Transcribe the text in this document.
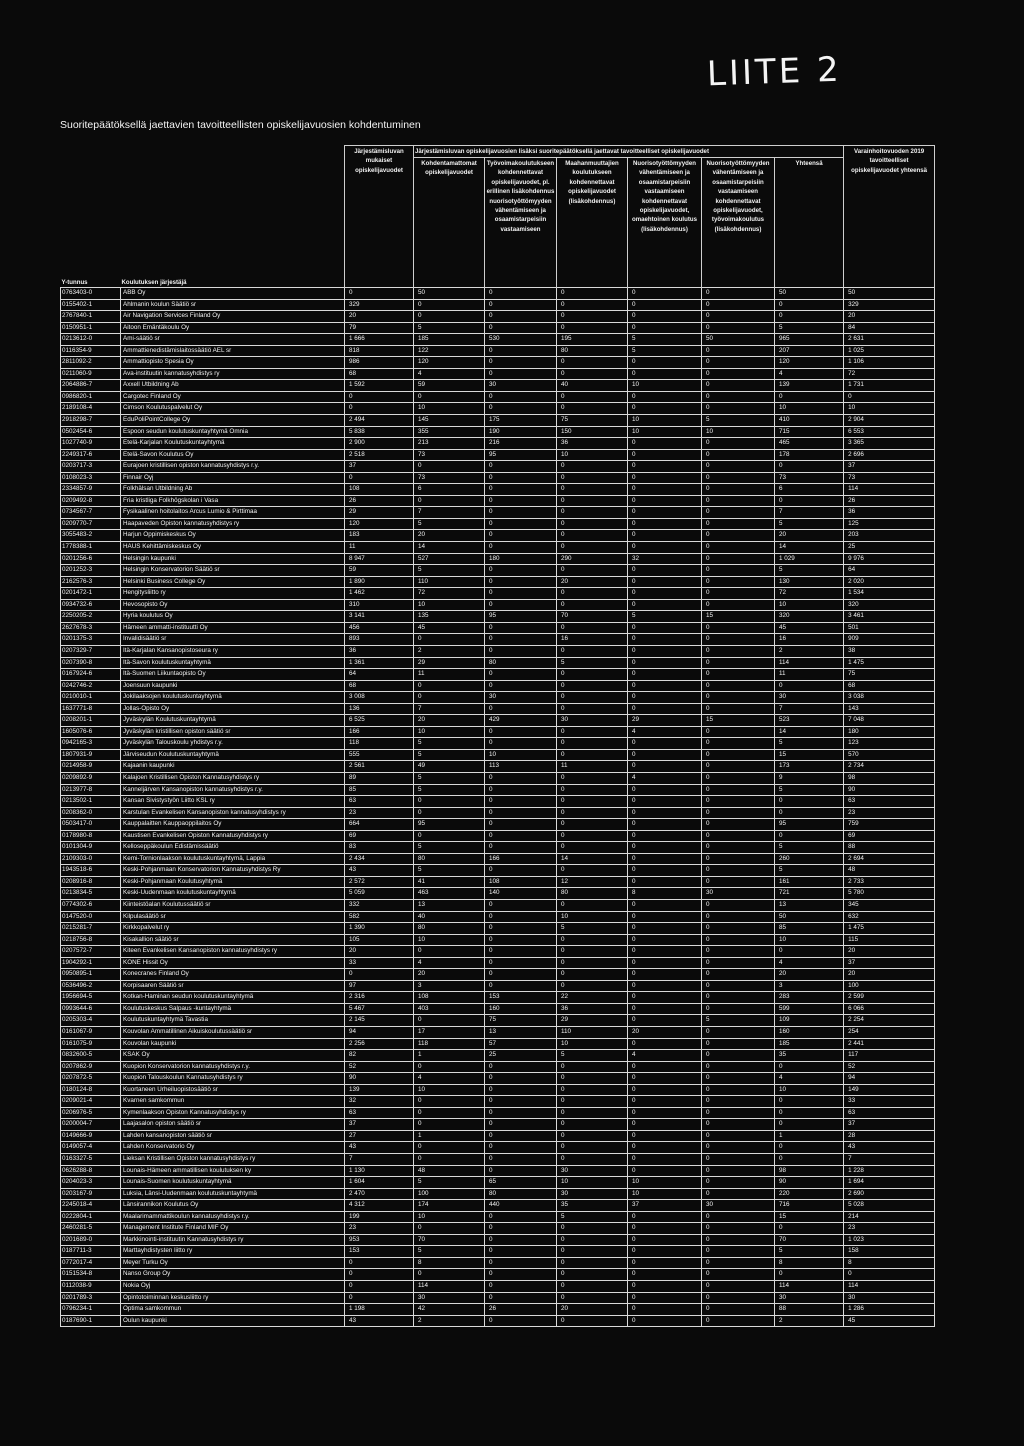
LIITE 2
Suoritepäätöksellä jaettavien tavoitteellisten opiskelijavuosien kohdentuminen
Y-tunnus	Koulutuksen järjestäjä	Järjestämisluvan mukaiset opiskelijavuodet	Järjestämisluvan opiskelijavuosien lisäksi suoritepäätöksellä jaettavat tavoitteelliset opiskelijavuodet						Varainhoitovuoden 2019 tavoitteelliset opiskelijavuodet yhteensä
			Kohdentamattomat opiskelijavuodet	Työvoimakoulutukseen kohdennettavat opiskelijavuodet, pl. erillinen lisäkohdennus nuorisotyöttömyyden vähentämiseen ja osaamistarpeisiin vastaamiseen	Maahanmuuttajien koulutukseen kohdennettavat opiskelijavuodet (lisäkohdennus)	Nuorisotyöttömyyden vähentämiseen ja osaamistarpeisiin vastaamiseen kohdennettavat opiskelijavuodet, omaehtoinen koulutus (lisäkohdennus)	Nuorisotyöttömyyden vähentämiseen ja osaamistarpeisiin vastaamiseen kohdennettavat opiskelijavuodet, työvoimakoulutus (lisäkohdennus)	Yhteensä	
0763403-0	ABB Oy	0	50	0	0	0	0	50	50
0155402-1	Ahlmanin koulun Säätiö sr	329	0	0	0	0	0	0	329
2767840-1	Air Navigation Services Finland Oy	20	0	0	0	0	0	0	20
0150951-1	Aitoon Emäntäkoulu Oy	79	5	0	0	0	0	5	84
0213612-0	Ami-säätiö sr	1 666	185	530	195	5	50	965	2 631
0116354-9	Ammattienedistämislaitossäätiö AEL sr	818	122	0	80	5	0	207	1 025
2811092-2	Ammattiopisto Spesia Oy	986	120	0	0	0	0	120	1 106
0211060-9	Ava-instituutin kannatusyhdistys ry	68	4	0	0	0	0	4	72
2064886-7	Axxell Utbildning Ab	1 592	59	30	40	10	0	139	1 731
0986820-1	Cargotec Finland Oy	0	0	0	0	0	0	0	0
2189108-4	Cimson Koulutuspalvelut Oy	0	10	0	0	0	0	10	10
2918298-7	EduPoliPointCollege Oy	2 494	145	175	75	10	5	410	2 904
0502454-6	Espoon seudun koulutuskuntayhtymä Omnia	5 838	355	190	150	10	10	715	6 553
1027740-9	Etelä-Karjalan Koulutuskuntayhtymä	2 900	213	216	36	0	0	465	3 365
2249317-6	Etelä-Savon Koulutus Oy	2 518	73	95	10	0	0	178	2 696
0203717-3	Eurajoen kristillisen opiston kannatusyhdistys r.y.	37	0	0	0	0	0	0	37
0108023-3	Finnair Oyj	0	73	0	0	0	0	73	73
2334857-9	Folkhälsan Utbildning Ab	108	6	0	0	0	0	6	114
0209492-8	Fria kristliga Folkhögskolan i Vasa	26	0	0	0	0	0	0	26
0734567-7	Fysikaalinen hoitolaitos Arcus Lumio & Pirttimaa	29	7	0	0	0	0	7	36
0209770-7	Haapaveden Opiston kannatusyhdistys ry	120	5	0	0	0	0	5	125
3055483-2	Harjun Oppimiskeskus Oy	183	20	0	0	0	0	20	203
1778388-1	HAUS Kehittämiskeskus Oy	11	14	0	0	0	0	14	25
0201256-6	Helsingin kaupunki	8 947	527	180	290	32	0	1 029	9 976
0201252-3	Helsingin Konservatorion Säätiö sr	59	5	0	0	0	0	5	64
2162576-3	Helsinki Business College Oy	1 890	110	0	20	0	0	130	2 020
0201472-1	Hengitysliitto ry	1 462	72	0	0	0	0	72	1 534
0934732-6	Hevosopisto Oy	310	10	0	0	0	0	10	320
2250205-2	Hyria koulutus Oy	3 141	135	95	70	5	15	320	3 461
2627678-3	Hämeen ammatti-instituutti Oy	456	45	0	0	0	0	45	501
0201375-3	Invalidisäätiö sr	893	0	0	16	0	0	16	909
0207329-7	Itä-Karjalan Kansanopistoseura ry	36	2	0	0	0	0	2	38
0207390-8	Itä-Savon koulutuskuntayhtymä	1 361	29	80	5	0	0	114	1 475
0167924-6	Itä-Suomen Liikuntaopisto Oy	64	11	0	0	0	0	11	75
0242746-2	Joensuun kaupunki	68	0	0	0	0	0	0	68
0210010-1	Jokilaaksojen koulutuskuntayhtymä	3 008	0	30	0	0	0	30	3 038
1637771-8	Jollas-Opisto Oy	136	7	0	0	0	0	7	143
0208201-1	Jyväskylän Koulutuskuntayhtymä	6 525	20	429	30	29	15	523	7 048
1605076-6	Jyväskylän kristillisen opiston säätiö sr	166	10	0	0	4	0	14	180
0942165-3	Jyväskylän Talouskoulu yhdistys r.y.	118	5	0	0	0	0	5	123
1807931-9	Järviseudun Koulutuskuntayhtymä	555	5	10	0	0	0	15	570
0214958-9	Kajaanin kaupunki	2 561	49	113	11	0	0	173	2 734
0209892-9	Kalajoen Kristillisen Opiston Kannatusyhdistys ry	89	5	0	0	4	0	9	98
0213977-8	Kanneljärven Kansanopiston kannatusyhdistys r.y.	85	5	0	0	0	0	5	90
0213502-1	Kansan Sivistystyön Liitto KSL ry	63	0	0	0	0	0	0	63
0208362-0	Karstulan Evankelisen Kansanopiston kannatusyhdistys ry	23	0	0	0	0	0	0	23
0503417-0	Kauppalaitten Kauppaoppilaitos Oy	664	95	0	0	0	0	95	759
0178980-8	Kaustisen Evankelisen Opiston Kannatusyhdistys ry	69	0	0	0	0	0	0	69
0101304-9	Kelloseppäkoulun Edistämissäätiö	83	5	0	0	0	0	5	88
2109303-0	Kemi-Tornionlaakson koulutuskuntayhtymä, Lappia	2 434	80	166	14	0	0	260	2 694
1943518-6	Keski-Pohjanmaan Konservatorion Kannatusyhdistys Ry	43	5	0	0	0	0	5	48
0208916-8	Keski-Pohjanmaan Koulutusyhtymä	2 572	41	108	12	0	0	161	2 733
0213834-5	Keski-Uudenmaan koulutuskuntayhtymä	5 059	463	140	80	8	30	721	5 780
0774302-6	Kiinteistöalan Koulutussäätiö sr	332	13	0	0	0	0	13	345
0147520-0	Kilpulasäätiö sr	582	40	0	10	0	0	50	632
0215281-7	Kirkkopalvelut ry	1 390	80	0	5	0	0	85	1 475
0218756-8	Kisakallion säätiö sr	105	10	0	0	0	0	10	115
0207572-7	Kiteen Evankelisen Kansanopiston kannatusyhdistys ry	20	0	0	0	0	0	0	20
1904292-1	KONE Hissit Oy	33	4	0	0	0	0	4	37
0950895-1	Konecranes Finland Oy	0	20	0	0	0	0	20	20
0536496-2	Korpisaaren Säätiö sr	97	3	0	0	0	0	3	100
1956694-5	Kotkan-Haminan seudun koulutuskuntayhtymä	2 316	108	153	22	0	0	283	2 599
0993644-6	Koulutuskeskus Salpaus -kuntayhtymä	5 467	403	160	36	0	0	599	6 066
0205303-4	Koulutuskuntayhtymä Tavastia	2 145	0	75	29	0	5	109	2 254
0161067-9	Kouvolan Ammatillinen Aikuiskoulutussäätiö sr	94	17	13	110	20	0	160	254
0161075-9	Kouvolan kaupunki	2 256	118	57	10	0	0	185	2 441
0832600-5	KSAK Oy	82	1	25	5	4	0	35	117
0207862-9	Kuopion Konservatorion kannatusyhdistys r.y.	52	0	0	0	0	0	0	52
0207872-5	Kuopion Talouskoulun Kannatusyhdistys ry	90	4	0	0	0	0	4	94
0180124-8	Kuortaneen Urheiluopistosäätiö sr	139	10	0	0	0	0	10	149
0209021-4	Kvarnen samkommun	32	0	0	0	0	0	0	33
0206976-5	Kymenlaakson Opiston Kannatusyhdistys ry	63	0	0	0	0	0	0	63
0200004-7	Laajasalon opiston säätiö sr	37	0	0	0	0	0	0	37
0149666-9	Lahden kansanopiston säätiö sr	27	1	0	0	0	0	1	28
0149057-4	Lahden Konservatorio Oy	43	0	0	0	0	0	0	43
0163327-5	Lieksan Kristillisen Opiston kannatusyhdistys ry	7	0	0	0	0	0	0	7
0626288-8	Lounais-Hämeen ammatillisen koulutuksen ky	1 130	48	0	30	0	0	98	1 228
0204023-3	Lounais-Suomen koulutuskuntayhtymä	1 604	5	65	10	10	0	90	1 694
0203167-9	Luksia, Länsi-Uudenmaan koulutuskuntayhtymä	2 470	100	80	30	10	0	220	2 690
2245018-4	Länsirannikon Koulutus Oy	4 312	174	440	35	37	30	716	5 028
0222804-1	Maalarimammattikoulun kannatusyhdistys r.y.	199	10	0	5	0	0	15	214
2460281-5	Management Institute Finland MIF Oy	23	0	0	0	0	0	0	23
0201689-0	Markkinointi-instituutin Kannatusyhdistys ry	953	70	0	0	0	0	70	1 023
0187711-3	Marttayhdistysten liitto ry	153	5	0	0	0	0	5	158
0772017-4	Meyer Turku Oy	0	8	0	0	0	0	8	8
0151534-8	Nanso Group Oy	0	0	0	0	0	0	0	0
0112038-9	Nokia Oyj	0	114	0	0	0	0	114	114
0201789-3	Opintotoiminnan keskusliitto ry	0	30	0	0	0	0	30	30
0796234-1	Optima samkommun	1 198	42	26	20	0	0	88	1 286
0187690-1	Oulun kaupunki	43	2	0	0	0	0	2	45
